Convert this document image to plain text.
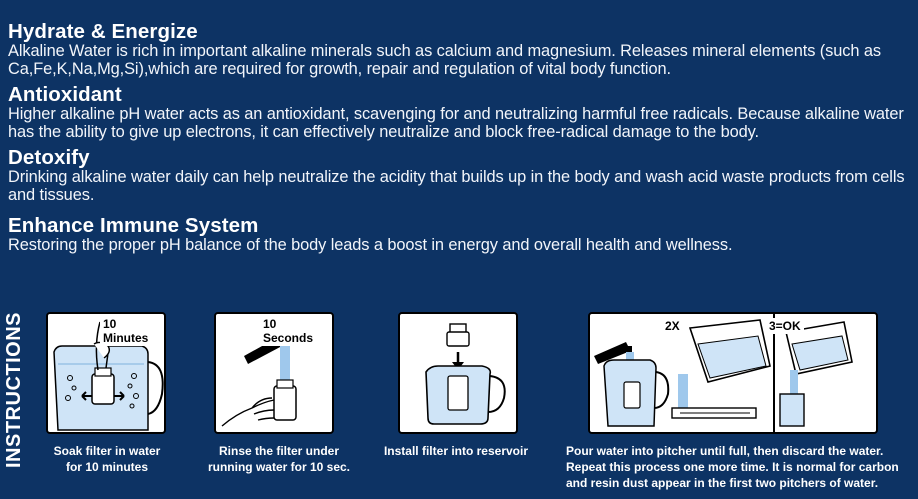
Hydrate & Energize

Alkaline Water is rich in important alkaline minerals such as calcium and magnesium. Releases mineral elements (such as Ca,Fe,K,Na,Mg,Si),which are required for growth, repair and regulation of vital body function.

Antioxidant

Higher alkaline pH water acts as an antioxidant, scavenging for and neutralizing harmful free radicals. Because alkaline water has the ability to give up electrons, it can effectively neutralize and block free-radical damage to the body.

Detoxify

Drinking alkaline water daily can help neutralize the acidity that builds up in the body and wash acid waste products from cells and tissues.

Enhance Immune System

Restoring the proper pH balance of the body leads a boost in energy and overall health and wellness.

INSTRUCTIONS	10 Minutes
Soak filter in water
for 10 minutes
10 Seconds
Rinse the filter under
running water for 10 sec.
Install filter into reservoir
2X	3=OK
Pour water into pitcher until full, then discard the water.
Repeat this process one more time. It is normal for carbon
and resin dust appear in the first two pitchers of water.
